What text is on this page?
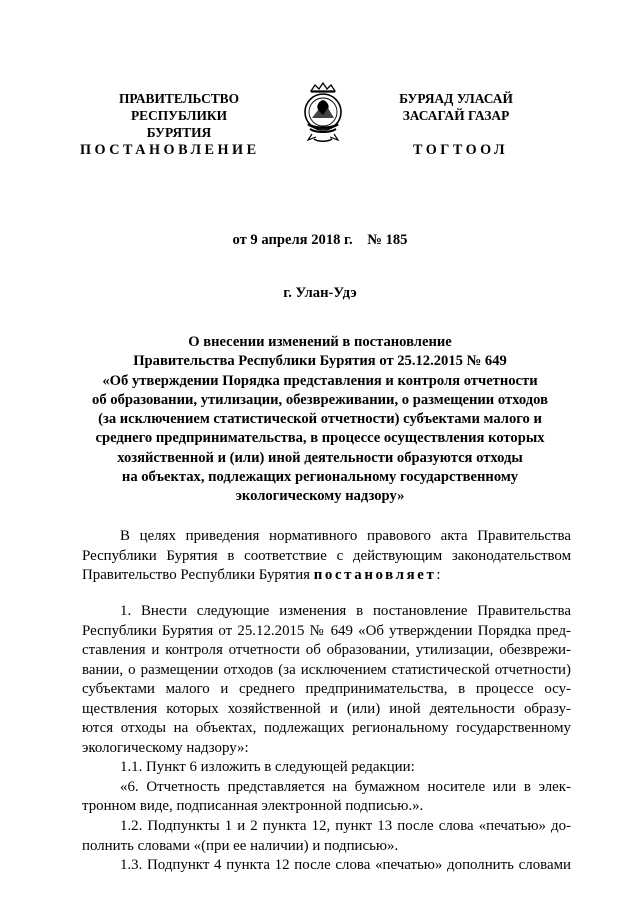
ПРАВИТЕЛЬСТВО
РЕСПУБЛИКИ БУРЯТИЯ
БУРЯАД УЛАСАЙ
ЗАСАГАЙ ГАЗАР
ПОСТАНОВЛЕНИЕ	ТОГТООЛ
от 9 апреля 2018 г.    № 185
г. Улан-Удэ
О внесении изменений в постановление
Правительства Республики Бурятия от 25.12.2015 № 649
«Об утверждении Порядка представления и контроля отчетности
об образовании, утилизации, обезвреживании, о размещении отходов
(за исключением статистической отчетности) субъектами малого и
среднего предпринимательства, в процессе осуществления которых
хозяйственной и (или) иной деятельности образуются отходы
на объектах, подлежащих региональному государственному
экологическому надзору»
В целях приведения нормативного правового акта Правительства
Республики Бурятия в соответствие с действующим законодательством
Правительство Республики Бурятия постановляет:
1. Внести следующие изменения в постановление Правительства
Республики Бурятия от 25.12.2015 № 649 «Об утверждении Порядка пред-
ставления и контроля отчетности об образовании, утилизации, обезврежи-
вании, о размещении отходов (за исключением статистической отчетности)
субъектами малого и среднего предпринимательства, в процессе осу-
ществления которых хозяйственной и (или) иной деятельности образу-
ются отходы на объектах, подлежащих региональному государственному
экологическому надзору»:
1.1. Пункт 6 изложить в следующей редакции:
«6. Отчетность представляется на бумажном носителе или в элек-
тронном виде, подписанная электронной подписью.».
1.2. Подпункты 1 и 2 пункта 12, пункт 13 после слова «печатью» до-
полнить словами «(при ее наличии) и подписью».
1.3. Подпункт 4 пункта 12 после слова «печатью» дополнить словами
